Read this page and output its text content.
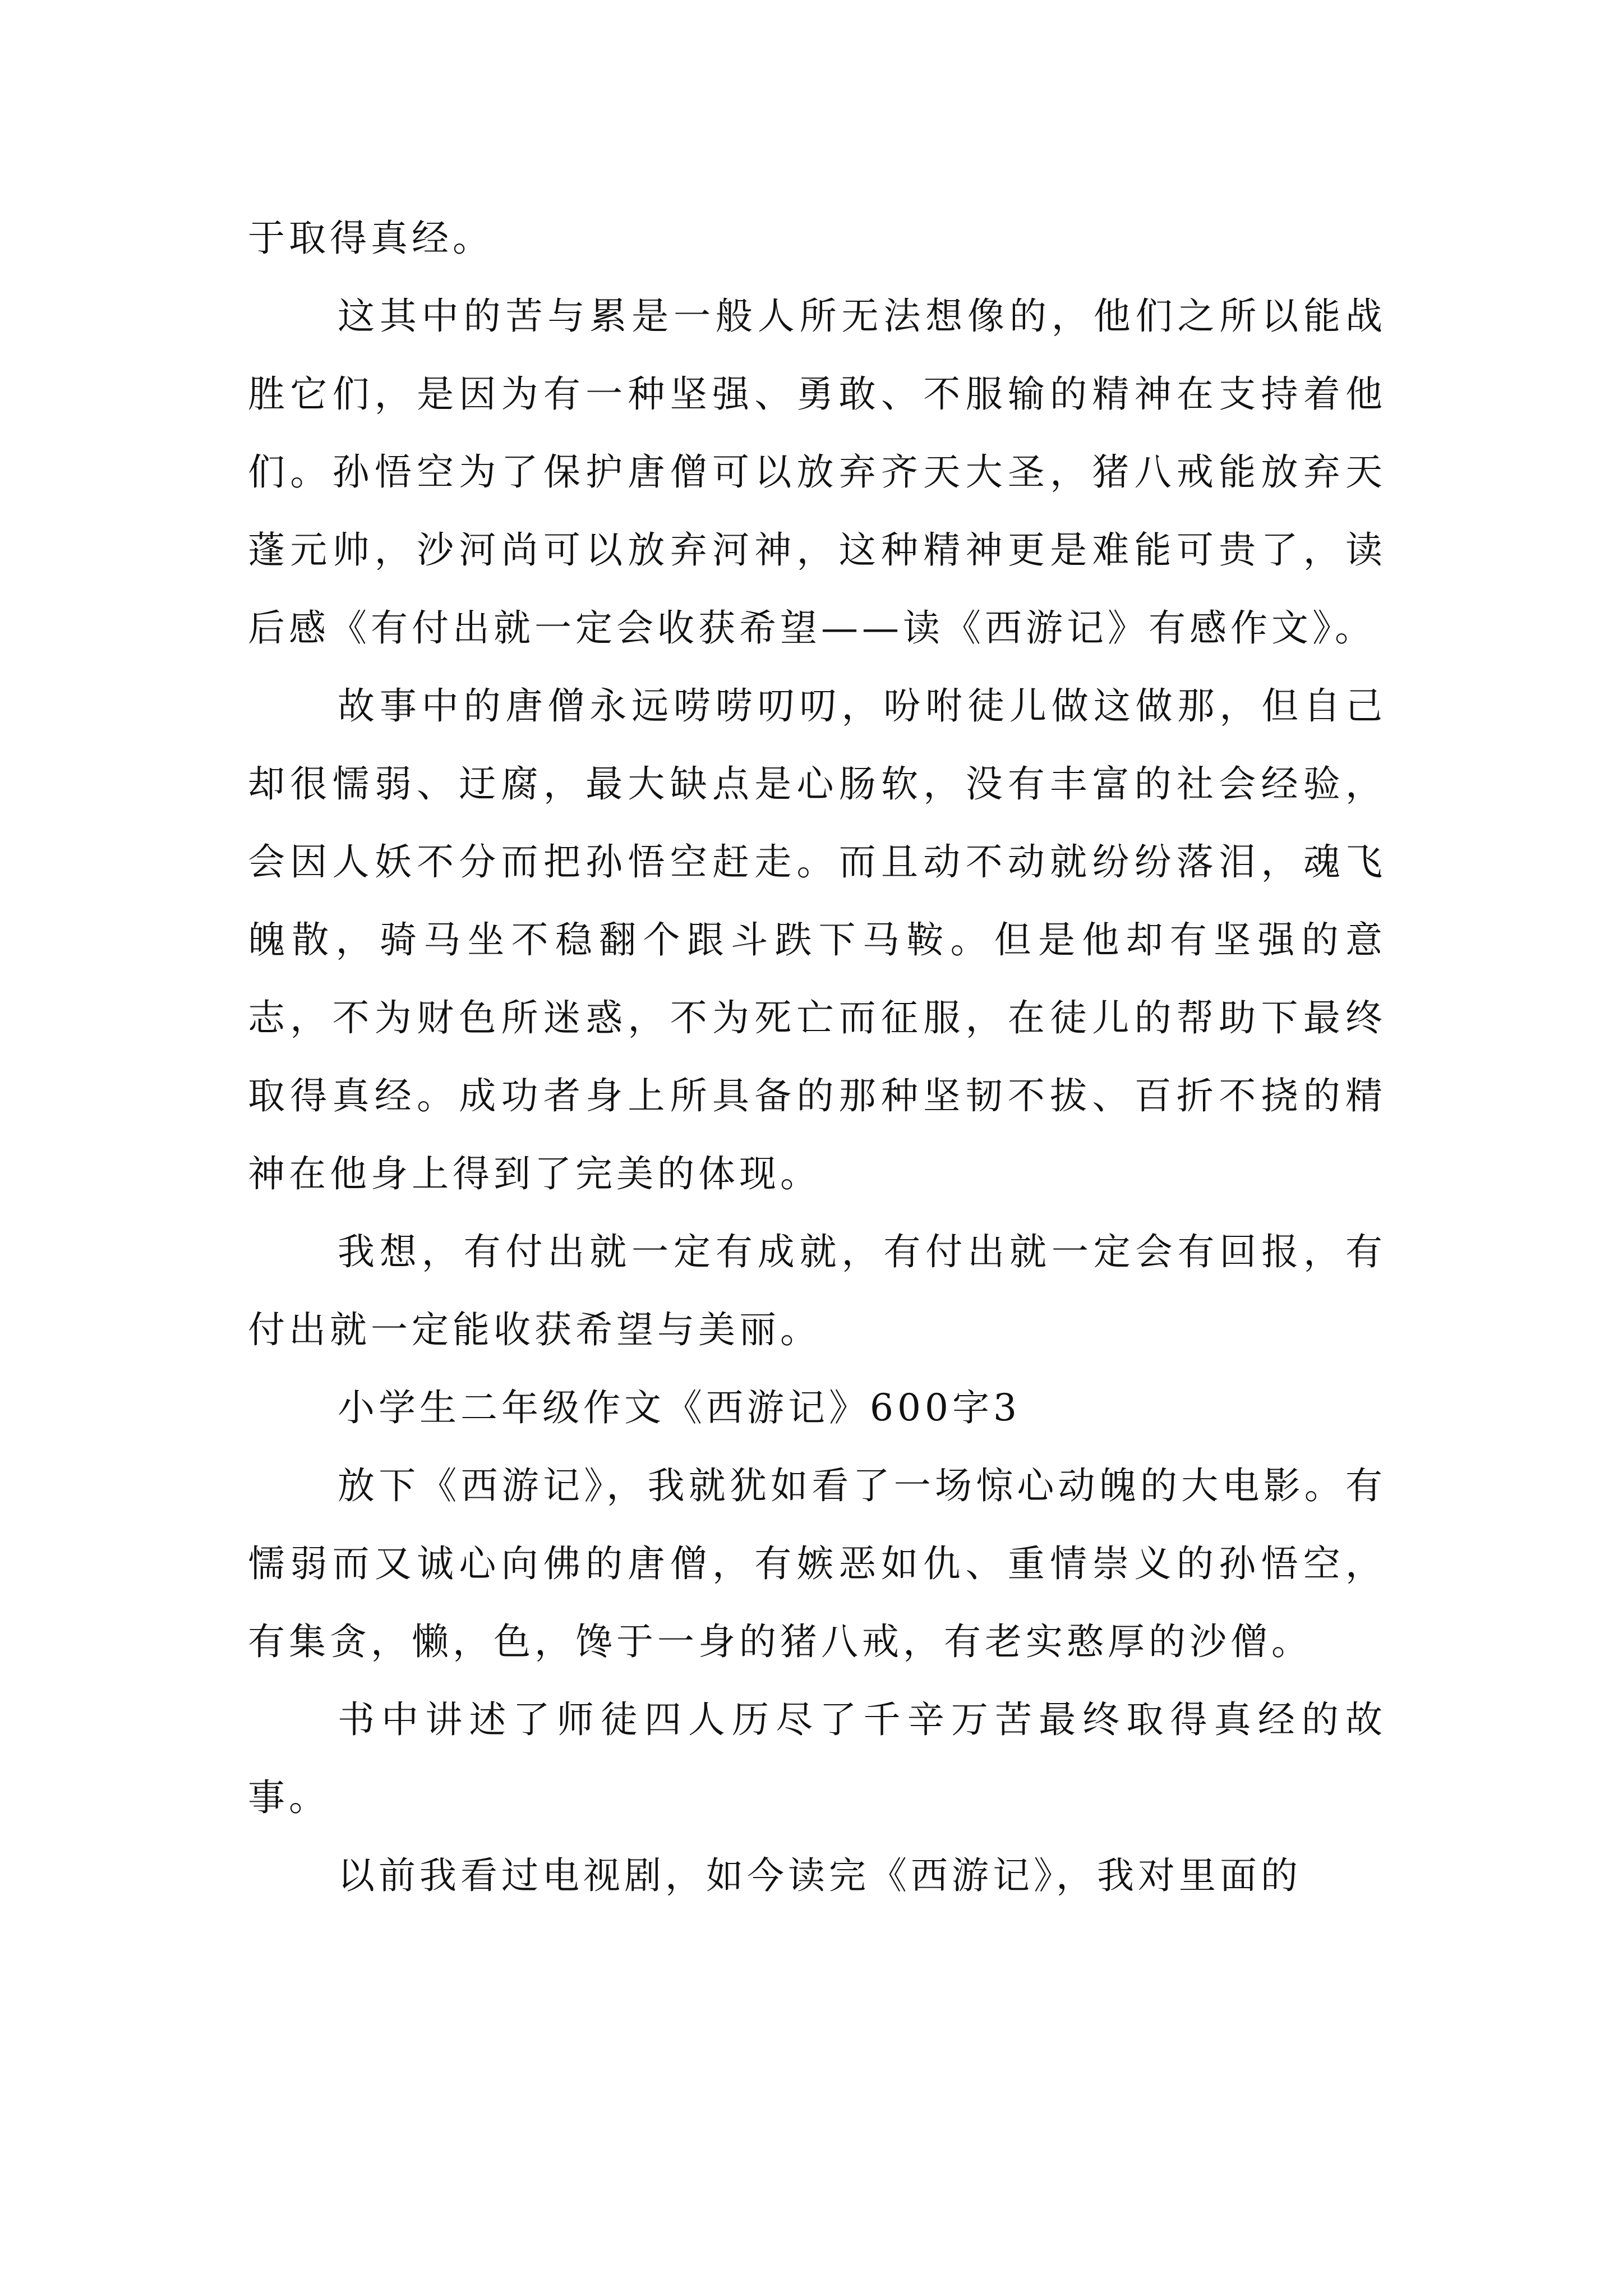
于取得真经。

这其中的苦与累是一般人所无法想像的，他们之所以能战胜它们，是因为有一种坚强、勇敢、不服输的精神在支持着他们。孙悟空为了保护唐僧可以放弃齐天大圣，猪八戒能放弃天蓬元帅，沙河尚可以放弃河神，这种精神更是难能可贵了，读后感《有付出就一定会收获希望——读《西游记》有感作文》。

故事中的唐僧永远唠唠叨叨，吩咐徒儿做这做那，但自己却很懦弱、迂腐，最大缺点是心肠软，没有丰富的社会经验，会因人妖不分而把孙悟空赶走。而且动不动就纷纷落泪，魂飞魄散，骑马坐不稳翻个跟斗跌下马鞍。但是他却有坚强的意志，不为财色所迷惑，不为死亡而征服，在徒儿的帮助下最终取得真经。成功者身上所具备的那种坚韧不拔、百折不挠的精神在他身上得到了完美的体现。

我想，有付出就一定有成就，有付出就一定会有回报，有付出就一定能收获希望与美丽。

小学生二年级作文《西游记》600字3

放下《西游记》，我就犹如看了一场惊心动魄的大电影。有懦弱而又诚心向佛的唐僧，有嫉恶如仇、重情崇义的孙悟空，有集贪，懒，色，馋于一身的猪八戒，有老实憨厚的沙僧。

书中讲述了师徒四人历尽了千辛万苦最终取得真经的故事。

以前我看过电视剧，如今读完《西游记》，我对里面的
